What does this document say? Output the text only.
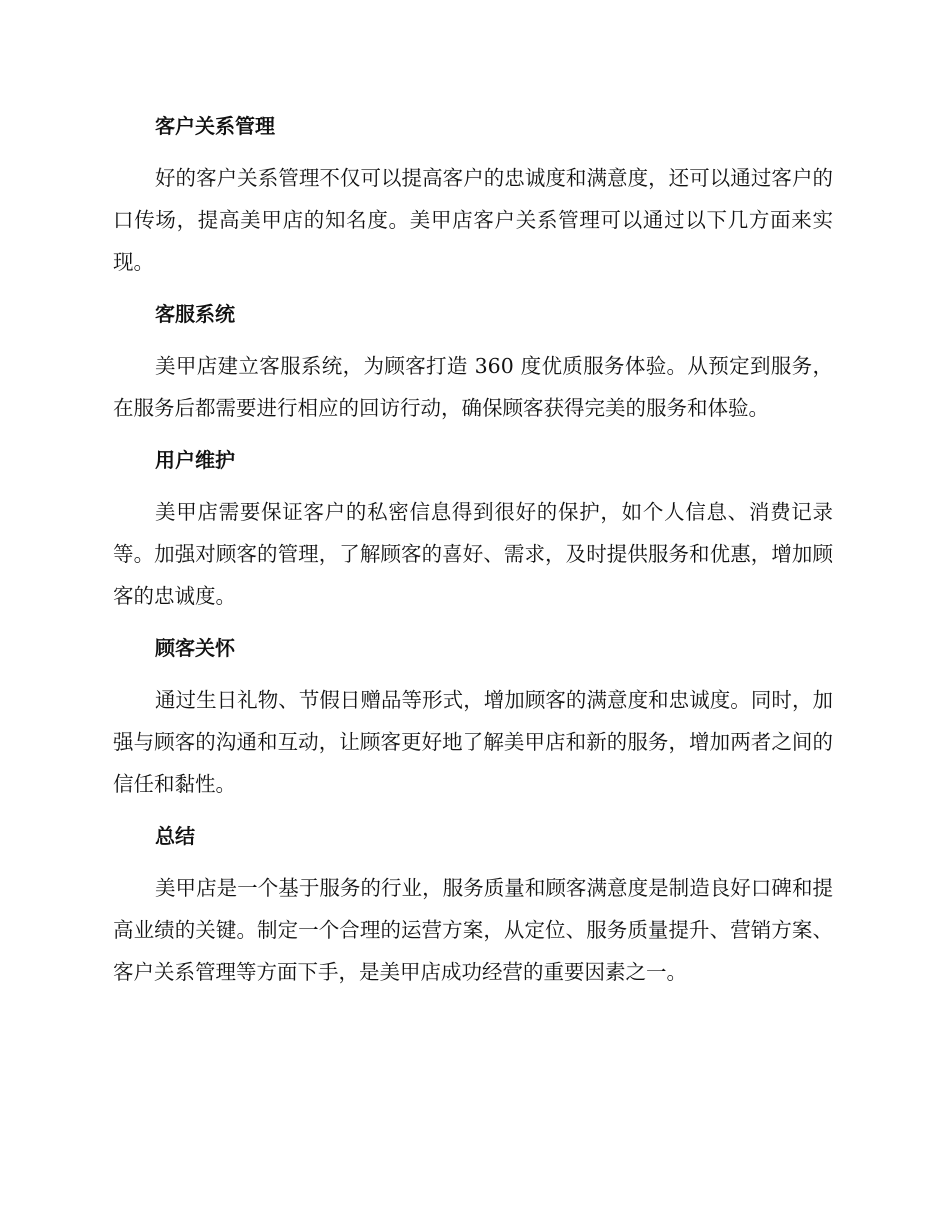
客户关系管理

好的客户关系管理不仅可以提高客户的忠诚度和满意度，还可以通过客户的口传场，提高美甲店的知名度。美甲店客户关系管理可以通过以下几方面来实现。

客服系统

美甲店建立客服系统，为顾客打造 360 度优质服务体验。从预定到服务，在服务后都需要进行相应的回访行动，确保顾客获得完美的服务和体验。

用户维护

美甲店需要保证客户的私密信息得到很好的保护，如个人信息、消费记录等。加强对顾客的管理，了解顾客的喜好、需求，及时提供服务和优惠，增加顾客的忠诚度。

顾客关怀

通过生日礼物、节假日赠品等形式，增加顾客的满意度和忠诚度。同时，加强与顾客的沟通和互动，让顾客更好地了解美甲店和新的服务，增加两者之间的信任和黏性。

总结

美甲店是一个基于服务的行业，服务质量和顾客满意度是制造良好口碑和提高业绩的关键。制定一个合理的运营方案，从定位、服务质量提升、营销方案、客户关系管理等方面下手，是美甲店成功经营的重要因素之一。
